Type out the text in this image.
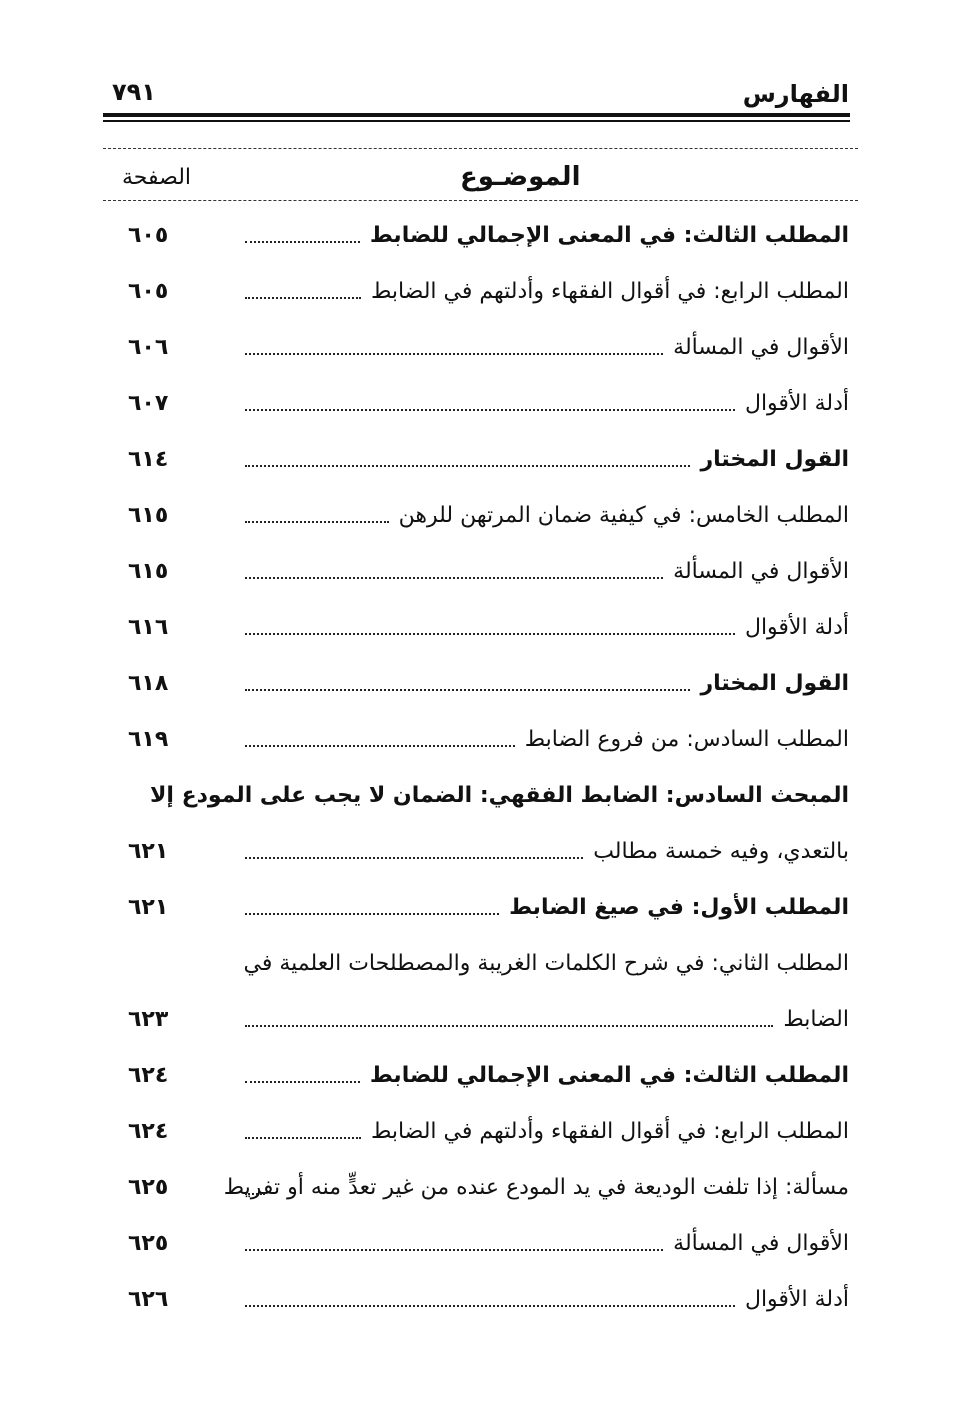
٧٩١	الفهارس
الموضـوع
الصفحة
المطلب الثالث: في المعنى الإجمالي للضابط
٦٠٥
المطلب الرابع: في أقوال الفقهاء وأدلتهم في الضابط
٦٠٥
الأقوال في المسألة
٦٠٦
أدلة الأقوال
٦٠٧
القول المختار
٦١٤
المطلب الخامس: في كيفية ضمان المرتهن للرهن
٦١٥
الأقوال في المسألة
٦١٥
أدلة الأقوال
٦١٦
القول المختار
٦١٨
المطلب السادس: من فروع الضابط
٦١٩
المبحث السادس: الضابط الفقهي: الضمان لا يجب على المودع إلا
بالتعدي، وفيه خمسة مطالب
٦٢١
المطلب الأول: في صيغ الضابط
٦٢١
المطلب الثاني: في شرح الكلمات الغريبة والمصطلحات العلمية في
الضابط
٦٢٣
المطلب الثالث: في المعنى الإجمالي للضابط
٦٢٤
المطلب الرابع: في أقوال الفقهاء وأدلتهم في الضابط
٦٢٤
مسألة: إذا تلفت الوديعة في يد المودع عنده من غير تعدٍّ منه أو تفريط
٦٢٥
الأقوال في المسألة
٦٢٥
أدلة الأقوال
٦٢٦
